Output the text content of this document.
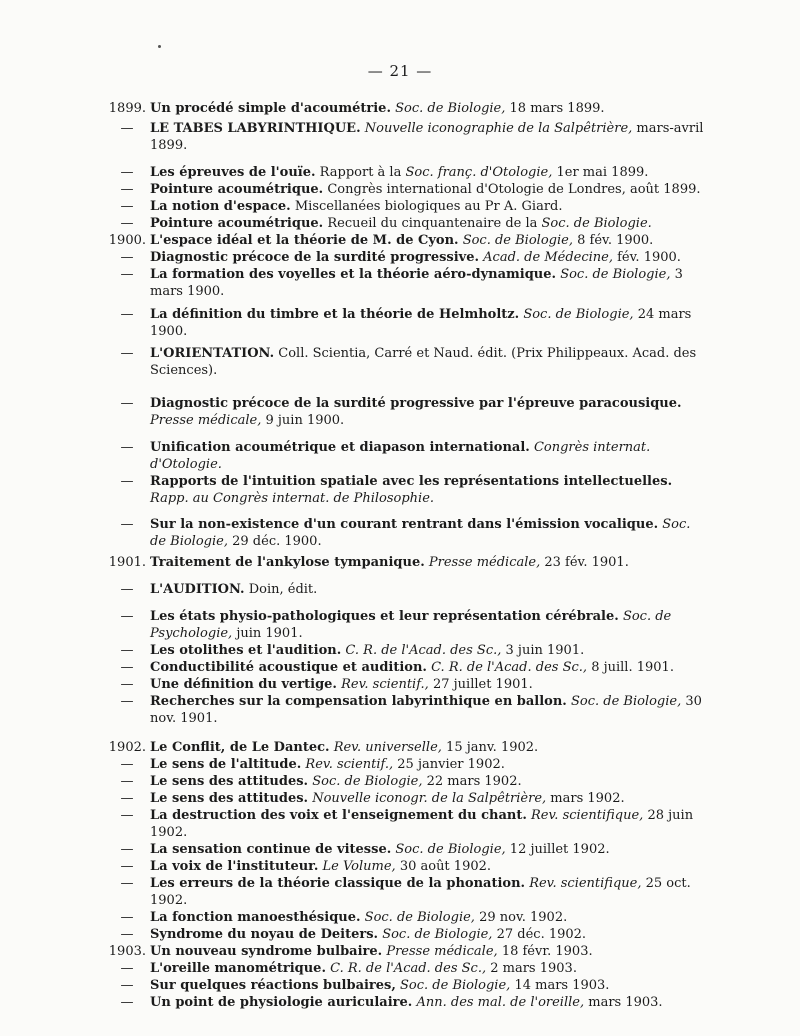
— 21 —
1899. Un procédé simple d'acoumétrie. Soc. de Biologie, 18 mars 1899.
—	LE TABES LABYRINTHIQUE. Nouvelle iconographie de la Salpêtrière, mars-avril 1899.
—	Les épreuves de l'ouïe. Rapport à la Soc. franç. d'Otologie, 1er mai 1899.
—	Pointure acoumétrique. Congrès international d'Otologie de Londres, août 1899.
—	La notion d'espace. Miscellanées biologiques au Pr A. Giard.
—	Pointure acoumétrique. Recueil du cinquantenaire de la Soc. de Biologie.
1900. L'espace idéal et la théorie de M. de Cyon. Soc. de Biologie, 8 fév. 1900.
—	Diagnostic précoce de la surdité progressive. Acad. de Médecine, fév. 1900.
—	La formation des voyelles et la théorie aéro-dynamique. Soc. de Biologie, 3 mars 1900.
—	La définition du timbre et la théorie de Helmholtz. Soc. de Biologie, 24 mars 1900.
—	L'ORIENTATION. Coll. Scientia, Carré et Naud. édit. (Prix Philippeaux. Acad. des Sciences).
—	Diagnostic précoce de la surdité progressive par l'épreuve paracousique. Presse médicale, 9 juin 1900.
—	Unification acoumétrique et diapason international. Congrès internat. d'Otologie.
—	Rapports de l'intuition spatiale avec les représentations intellectuelles. Rapp. au Congrès internat. de Philosophie.
—	Sur la non-existence d'un courant rentrant dans l'émission vocalique. Soc. de Biologie, 29 déc. 1900.
1901. Traitement de l'ankylose tympanique. Presse médicale, 23 fév. 1901.
—	L'AUDITION. Doin, édit.
—	Les états physio-pathologiques et leur représentation cérébrale. Soc. de Psychologie, juin 1901.
—	Les otolithes et l'audition. C. R. de l'Acad. des Sc., 3 juin 1901.
—	Conductibilité acoustique et audition. C. R. de l'Acad. des Sc., 8 juill. 1901.
—	Une définition du vertige. Rev. scientif., 27 juillet 1901.
—	Recherches sur la compensation labyrinthique en ballon. Soc. de Biologie, 30 nov. 1901.
1902. Le Conflit, de Le Dantec. Rev. universelle, 15 janv. 1902.
—	Le sens de l'altitude. Rev. scientif., 25 janvier 1902.
—	Le sens des attitudes. Soc. de Biologie, 22 mars 1902.
—	Le sens des attitudes. Nouvelle iconogr. de la Salpêtrière, mars 1902.
—	La destruction des voix et l'enseignement du chant. Rev. scientifique, 28 juin 1902.
—	La sensation continue de vitesse. Soc. de Biologie, 12 juillet 1902.
—	La voix de l'instituteur. Le Volume, 30 août 1902.
—	Les erreurs de la théorie classique de la phonation. Rev. scientifique, 25 oct. 1902.
—	La fonction manoesthésique. Soc. de Biologie, 29 nov. 1902.
—	Syndrome du noyau de Deiters. Soc. de Biologie, 27 déc. 1902.
1903. Un nouveau syndrome bulbaire. Presse médicale, 18 févr. 1903.
—	L'oreille manométrique. C. R. de l'Acad. des Sc., 2 mars 1903.
—	Sur quelques réactions bulbaires, Soc. de Biologie, 14 mars 1903.
—	Un point de physiologie auriculaire. Ann. des mal. de l'oreille, mars 1903.
